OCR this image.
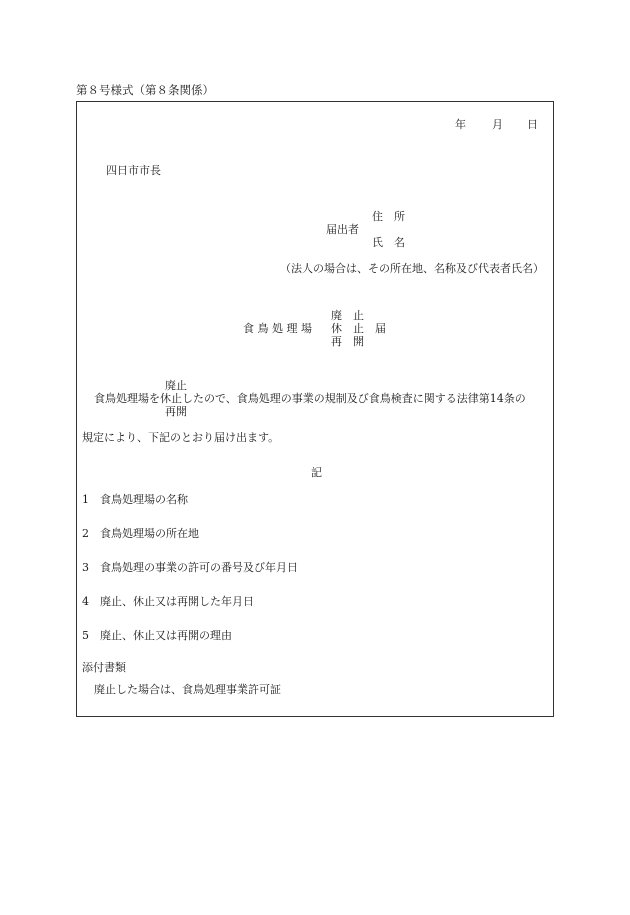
第８号様式（第８条関係）
年 月 日
四日市市長
住　所
届出者
氏　名
（法人の場合は、その所在地、名称及び代表者氏名）
廃　止
食 鳥 処 理 場 休　止 届
再　開
廃止
食鳥処理場を休止したので、食鳥処理の事業の規制及び食鳥検査に関する法律第14条の
再開
規定により、下記のとおり届け出ます。
記
1 食鳥処理場の名称
2 食鳥処理場の所在地
3 食鳥処理の事業の許可の番号及び年月日
4 廃止、休止又は再開した年月日
5 廃止、休止又は再開の理由
添付書類
廃止した場合は、食鳥処理事業許可証
